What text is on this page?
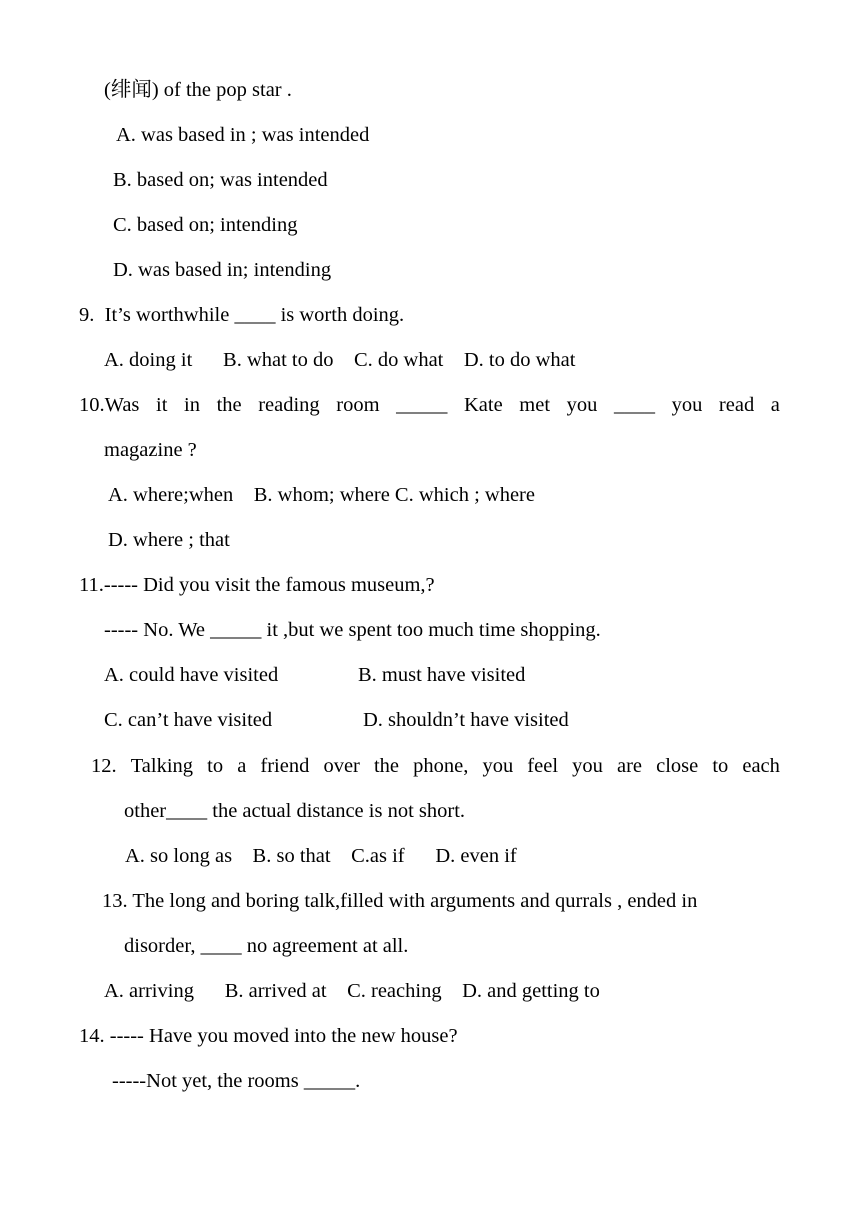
(绯闻) of the pop star .
A. was based in ; was intended
B. based on; was intended
C. based on; intending
D. was based in; intending
9.  It’s worthwhile ____ is worth doing.
A. doing it      B. what to do    C. do what    D. to do what
10.Was it in the reading room _____ Kate met you ____ you read a
magazine ?
A. where;when    B. whom; where C. which ; where
D. where ; that
11.----- Did you visit the famous museum,?
----- No. We _____ it ,but we spent too much time shopping.
A. could have visited	B. must have visited
C. can’t have visited	D. shouldn’t have visited
12. Talking to a friend over the phone, you feel you are close to each
other____ the actual distance is not short.
A. so long as    B. so that    C.as if      D. even if
13. The long and boring talk,filled with arguments and qurrals , ended in
disorder, ____ no agreement at all.
A. arriving      B. arrived at    C. reaching    D. and getting to
14. ----- Have you moved into the new house?
-----Not yet, the rooms _____.
